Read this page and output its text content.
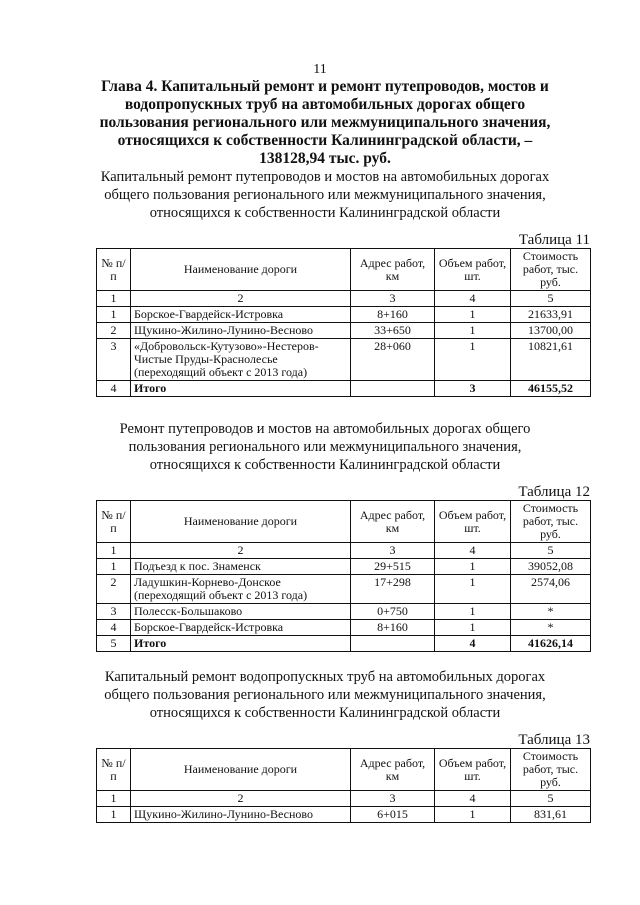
11
Глава 4. Капитальный ремонт и ремонт путепроводов, мостов и водопропускных труб на автомобильных дорогах общего пользования регионального или межмуниципального значения, относящихся к собственности Калининградской области, – 138128,94 тыс. руб.
Капитальный ремонт путепроводов и мостов на автомобильных дорогах общего пользования регионального или межмуниципального значения, относящихся к собственности Калининградской области
Таблица 11
№ п/п	Наименование дороги	Адрес работ, км	Объем работ, шт.	Стоимость работ, тыс. руб.
1	2	3	4	5
1	Борское-Гвардейск-Истровка	8+160	1	21633,91
2	Щукино-Жилино-Лунино-Весново	33+650	1	13700,00
3	«Добровольск-Кутузово»-Нестеров-Чистые Пруды-Краснолесье (переходящий объект с 2013 года)	28+060	1	10821,61
4	Итого		3	46155,52
Ремонт путепроводов и мостов на автомобильных дорогах общего пользования регионального или межмуниципального значения, относящихся к собственности Калининградской области
Таблица 12
№ п/п	Наименование дороги	Адрес работ, км	Объем работ, шт.	Стоимость работ, тыс. руб.
1	2	3	4	5
1	Подъезд к пос. Знаменск	29+515	1	39052,08
2	Ладушкин-Корнево-Донское (переходящий объект с 2013 года)	17+298	1	2574,06
3	Полесск-Большаково	0+750	1	*
4	Борское-Гвардейск-Истровка	8+160	1	*
5	Итого		4	41626,14
Капитальный ремонт водопропускных труб на автомобильных дорогах общего пользования регионального или межмуниципального значения, относящихся к собственности Калининградской области
Таблица 13
№ п/п	Наименование дороги	Адрес работ, км	Объем работ, шт.	Стоимость работ, тыс. руб.
1	2	3	4	5
1	Щукино-Жилино-Лунино-Весново	6+015	1	831,61
